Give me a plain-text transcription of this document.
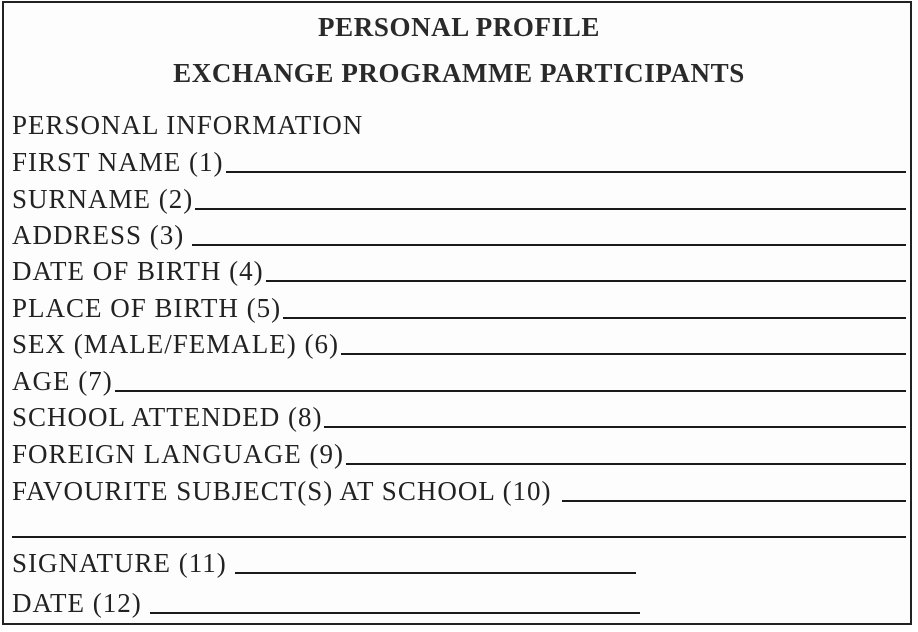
PERSONAL PROFILE
EXCHANGE PROGRAMME PARTICIPANTS
PERSONAL INFORMATION
FIRST NAME (1)
SURNAME (2)
ADDRESS (3)
DATE OF BIRTH (4)
PLACE OF BIRTH (5)
SEX (MALE/FEMALE) (6)
AGE (7)
SCHOOL ATTENDED (8)
FOREIGN LANGUAGE (9)
FAVOURITE SUBJECT(S) AT SCHOOL (10)
SIGNATURE (11)
DATE (12)
